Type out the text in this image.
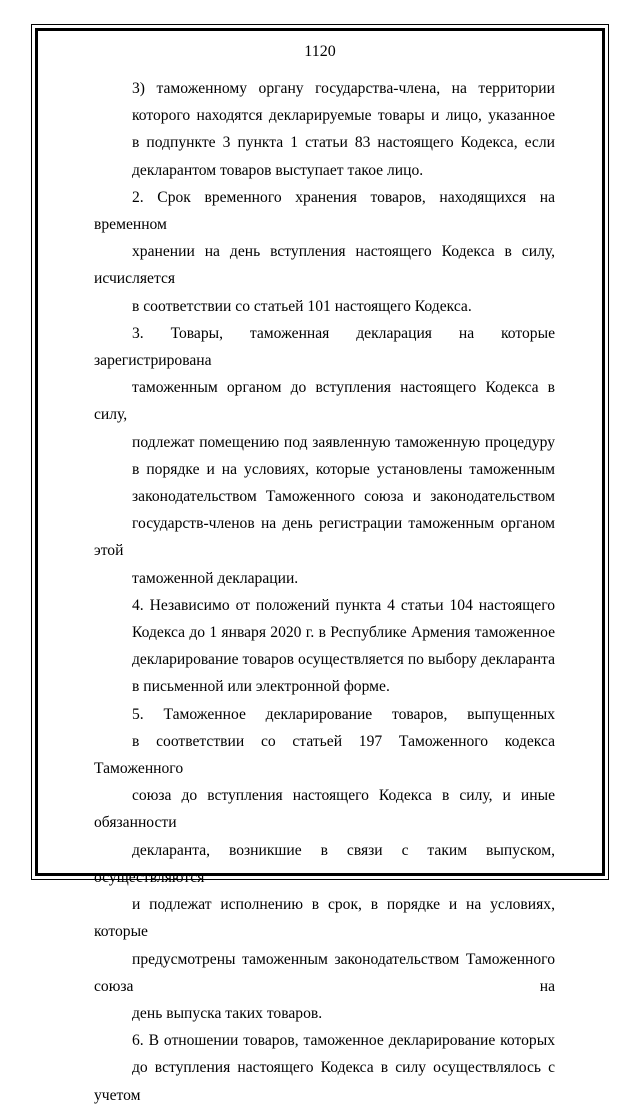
1120

3) таможенному органу государства-члена, на территории
которого находятся декларируемые товары и лицо, указанное
в подпункте 3 пункта 1 статьи 83 настоящего Кодекса, если
декларантом товаров выступает такое лицо.

2. Срок временного хранения товаров, находящихся на временном
хранении на день вступления настоящего Кодекса в силу, исчисляется
в соответствии со статьей 101 настоящего Кодекса.

3. Товары, таможенная декларация на которые зарегистрирована
таможенным органом до вступления настоящего Кодекса в силу,
подлежат помещению под заявленную таможенную процедуру
в порядке и на условиях, которые установлены таможенным
законодательством Таможенного союза и законодательством
государств-членов на день регистрации таможенным органом этой
таможенной декларации.

4. Независимо от положений пункта 4 статьи 104 настоящего
Кодекса до 1 января 2020 г. в Республике Армения таможенное
декларирование товаров осуществляется по выбору декларанта
в письменной или электронной форме.

5. Таможенное декларирование товаров, выпущенных
в соответствии со статьей 197 Таможенного кодекса Таможенного
союза до вступления настоящего Кодекса в силу, и иные обязанности
декларанта, возникшие в связи с таким выпуском, осуществляются
и подлежат исполнению в срок, в порядке и на условиях, которые
предусмотрены таможенным законодательством Таможенного союза на
день выпуска таких товаров.

6. В отношении товаров, таможенное декларирование которых
до вступления настоящего Кодекса в силу осуществлялось с учетом
